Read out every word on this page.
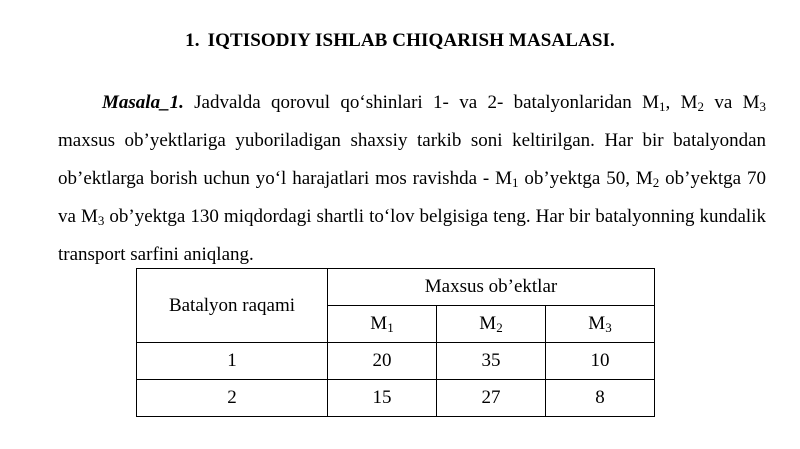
1. IQTISODIY ISHLAB CHIQARISH MASALASI.

Masala_1. Jadvalda qorovul qo‘shinlari 1- va 2- batalyonlaridan $M_1$, $M_2$ va $M_3$ maxsus ob’yektlariga yuboriladigan shaxsiy tarkib soni keltirilgan. Har bir batalyondan ob’ektlarga borish uchun yo‘l harajatlari mos ravishda - $M_1$ ob’yektga 50, $M_2$ ob’yektga 70 va $M_3$ ob’yektga 130 miqdordagi shartli to‘lov belgisiga teng. Har bir batalyonning kundalik transport sarfini aniqlang.

Batalyon raqami	Maxsus ob’ektlar		
	$M_1$	$M_2$	$M_3$
1	20	35	10
2	15	27	8
